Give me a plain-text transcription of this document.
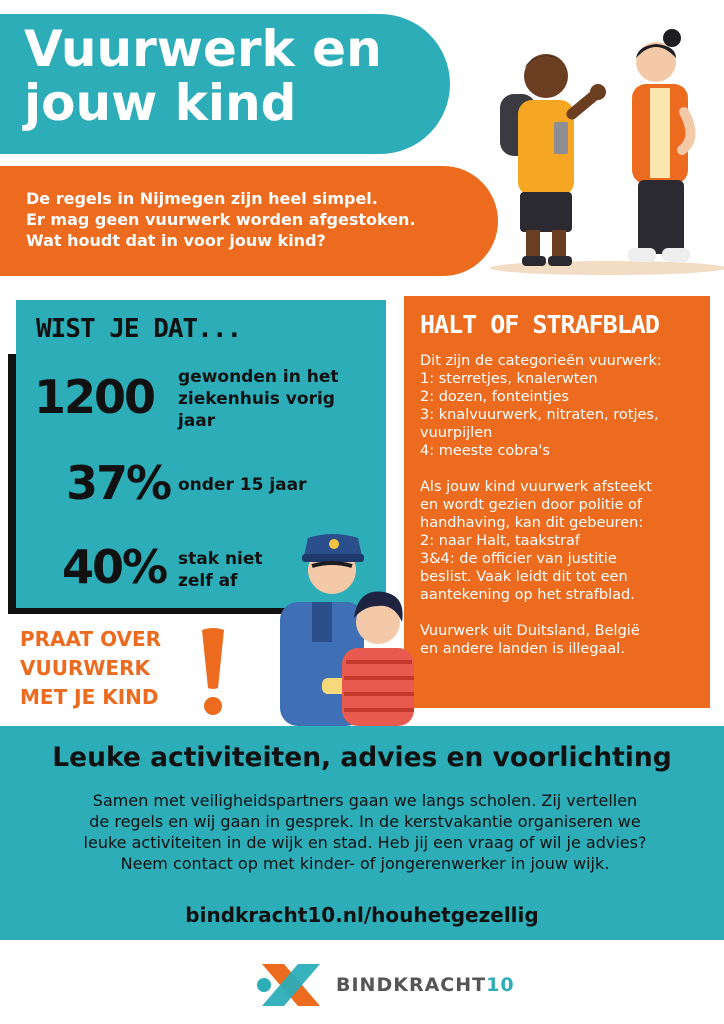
Vuurwerk en
jouw kind
De regels in Nijmegen zijn heel simpel.
Er mag geen vuurwerk worden afgestoken.
Wat houdt dat in voor jouw kind?
WIST JE DAT...
1200 gewonden in het
ziekenhuis vorig
jaar
37% onder 15 jaar
40% stak niet
zelf af
HALT OF STRAFBLAD
Dit zijn de categorieën vuurwerk:
1: sterretjes, knalerwten
2: dozen, fonteintjes
3: knalvuurwerk, nitraten, rotjes,
vuurpijlen
4: meeste cobra's
Als jouw kind vuurwerk afsteekt
en wordt gezien door politie of
handhaving, kan dit gebeuren:
2: naar Halt, taakstraf
3&4: de officier van justitie
beslist. Vaak leidt dit tot een
aantekening op het strafblad.
Vuurwerk uit Duitsland, België
en andere landen is illegaal.
PRAAT OVER
VUURWERK
MET JE KIND
Leuke activiteiten, advies en voorlichting
Samen met veiligheidspartners gaan we langs scholen. Zij vertellen
de regels en wij gaan in gesprek. In de kerstvakantie organiseren we
leuke activiteiten in de wijk en stad. Heb jij een vraag of wil je advies?
Neem contact op met kinder- of jongerenwerker in jouw wijk.
bindkracht10.nl/houhetgezellig
BINDKRACHT10
